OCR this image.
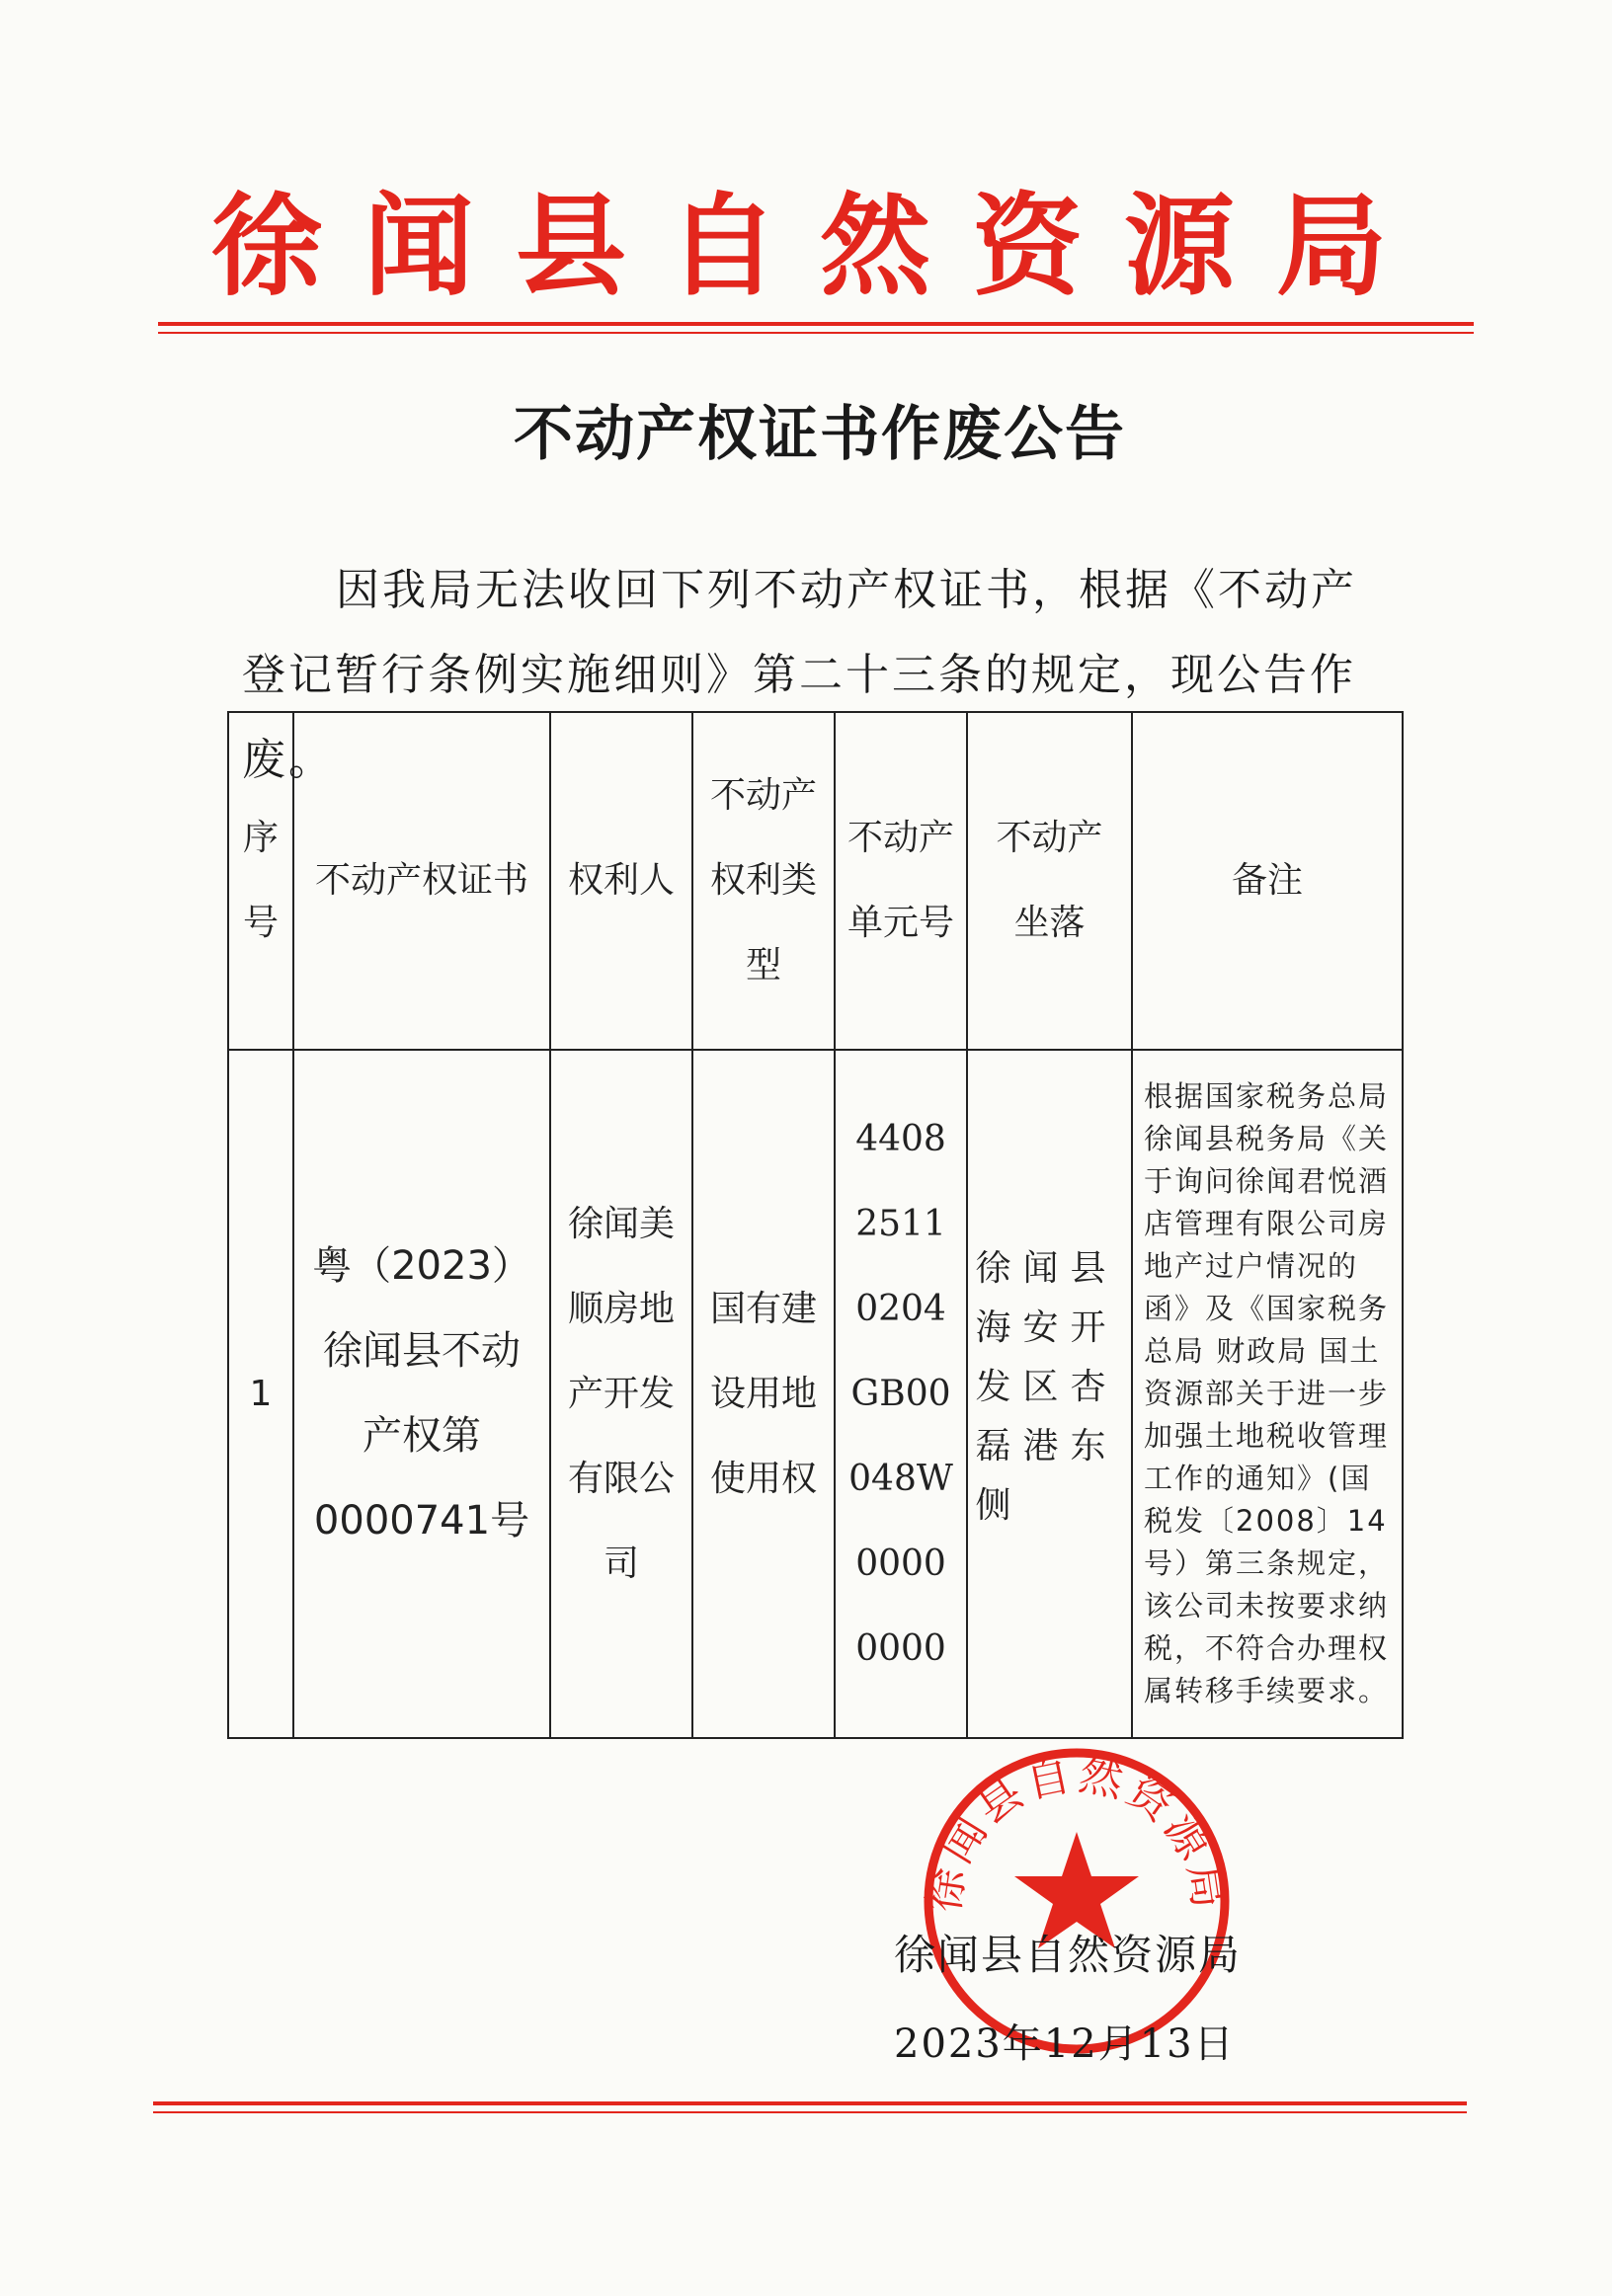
徐闻县自然资源局
不动产权证书作废公告

因我局无法收回下列不动产权证书，根据《不动产登记暂行条例实施细则》第二十三条的规定，现公告作废。

序号	不动产权证书	权利人	不动产权利类型	不动产单元号	不动产坐落	备注
1	粤（2023）徐闻县不动产权第0000741号	徐闻美顺房地产开发有限公司	国有建设用地使用权	440825110204GB00048W00000000	徐闻县海安开发区杏磊港东侧	根据国家税务总局徐闻县税务局《关于询问徐闻君悦酒店管理有限公司房地产过户情况的函》及《国家税务总局 财政局 国土资源部关于进一步加强土地税收管理工作的通知》(国税发〔2008〕14号）第三条规定，该公司未按要求纳税，不符合办理权属转移手续要求。
徐闻县自然资源局

徐闻县自然资源局

2023年12月13日
